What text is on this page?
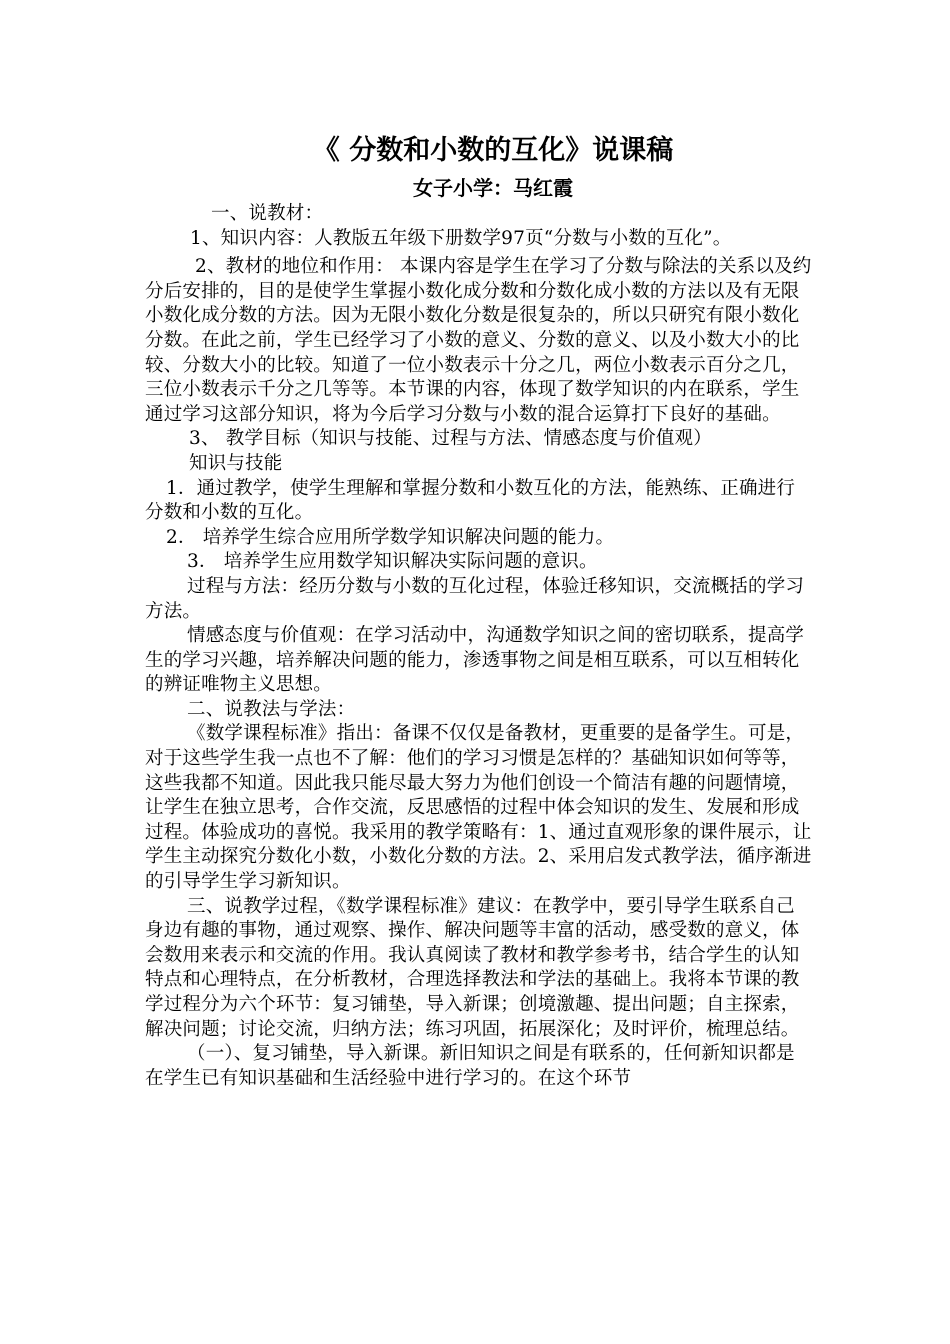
《 分数和小数的互化》说课稿
女子小学：马红霞

一、说教材：

1、知识内容：人教版五年级下册数学97页“分数与小数的互化”。

2、教材的地位和作用： 本课内容是学生在学习了分数与除法的关系以及约分后安排的，目的是使学生掌握小数化成分数和分数化成小数的方法以及有无限小数化成分数的方法。因为无限小数化分数是很复杂的，所以只研究有限小数化分数。在此之前，学生已经学习了小数的意义、分数的意义、以及小数大小的比较、分数大小的比较。知道了一位小数表示十分之几，两位小数表示百分之几，三位小数表示千分之几等等。本节课的内容，体现了数学知识的内在联系，学生通过学习这部分知识，将为今后学习分数与小数的混合运算打下良好的基础。

3、 教学目标（知识与技能、过程与方法、情感态度与价值观）

知识与技能

1．通过教学，使学生理解和掌握分数和小数互化的方法，能熟练、正确进行分数和小数的互化。

2． 培养学生综合应用所学数学知识解决问题的能力。

3． 培养学生应用数学知识解决实际问题的意识。

过程与方法：经历分数与小数的互化过程，体验迁移知识，交流概括的学习方法。

情感态度与价值观：在学习活动中，沟通数学知识之间的密切联系，提高学生的学习兴趣，培养解决问题的能力，渗透事物之间是相互联系，可以互相转化的辨证唯物主义思想。

二、说教法与学法：

《数学课程标准》指出：备课不仅仅是备教材，更重要的是备学生。可是，对于这些学生我一点也不了解：他们的学习习惯是怎样的？基础知识如何等等，这些我都不知道。因此我只能尽最大努力为他们创设一个简洁有趣的问题情境，让学生在独立思考，合作交流，反思感悟的过程中体会知识的发生、发展和形成过程。体验成功的喜悦。我采用的教学策略有：1、通过直观形象的课件展示，让学生主动探究分数化小数，小数化分数的方法。2、采用启发式教学法，循序渐进的引导学生学习新知识。

三、说教学过程，《数学课程标准》建议：在教学中，要引导学生联系自己身边有趣的事物，通过观察、操作、解决问题等丰富的活动，感受数的意义，体会数用来表示和交流的作用。我认真阅读了教材和教学参考书，结合学生的认知特点和心理特点，在分析教材，合理选择教法和学法的基础上。我将本节课的教学过程分为六个环节：复习铺垫，导入新课；创境激趣、提出问题；自主探索，解决问题；讨论交流，归纳方法；练习巩固，拓展深化；及时评价，梳理总结。

（一）、复习铺垫，导入新课。新旧知识之间是有联系的，任何新知识都是在学生已有知识基础和生活经验中进行学习的。在这个环节
